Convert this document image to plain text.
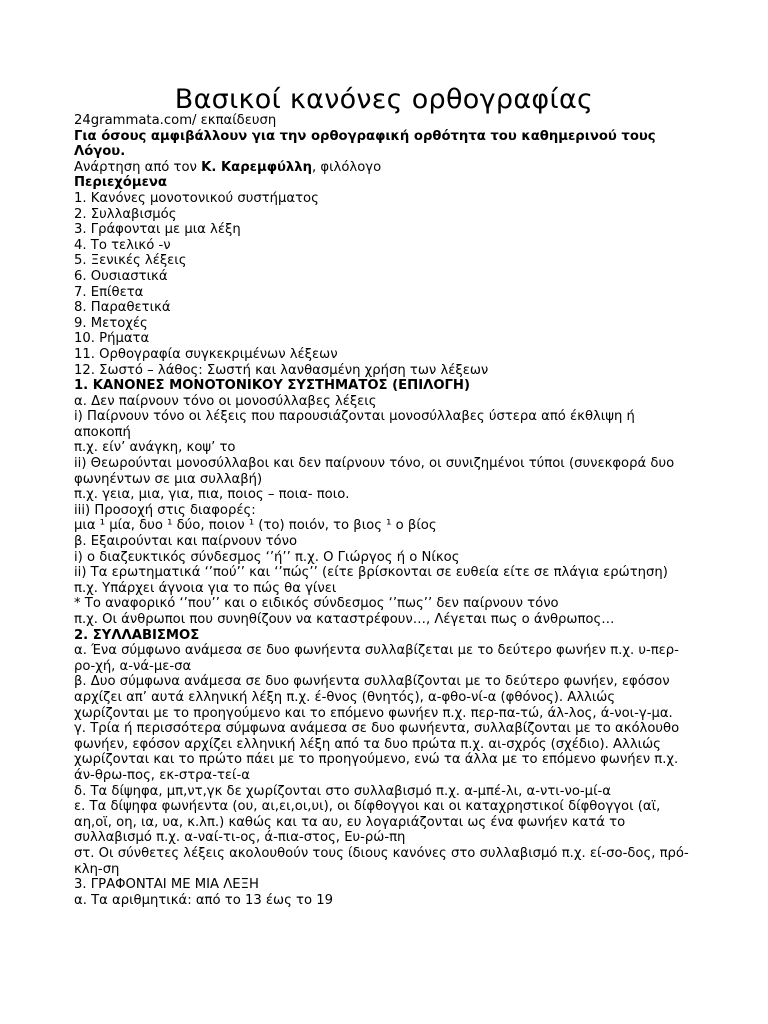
Βασικοί κανόνες ορθογραφίας

24grammata.com/ εκπαίδευση

Για όσους αμφιβάλλουν για την ορθογραφική ορθότητα του καθημερινού τους Λόγου.

Ανάρτηση από τον Κ. Καρεμφύλλη, φιλόλογο

Περιεχόμενα

1. Κανόνες μονοτονικού συστήματος

2. Συλλαβισμός

3. Γράφονται με μια λέξη

4. Το τελικό -ν

5. Ξενικές λέξεις

6. Ουσιαστικά

7. Επίθετα

8. Παραθετικά

9. Μετοχές

10. Ρήματα

11. Ορθογραφία συγκεκριμένων λέξεων

12. Σωστό – λάθος: Σωστή και λανθασμένη χρήση των λέξεων

1. ΚΑΝΟΝΕΣ ΜΟΝΟΤΟΝΙΚΟΥ ΣΥΣΤΗΜΑΤΟΣ (ΕΠΙΛΟΓΗ)

α. Δεν παίρνουν τόνο οι μονοσύλλαβες λέξεις

i) Παίρνουν τόνο οι λέξεις που παρουσιάζονται μονοσύλλαβες ύστερα από έκθλιψη ή αποκοπή

π.χ. είν’ ανάγκη, κοψ’ το

ii) Θεωρούνται μονοσύλλαβοι και δεν παίρνουν τόνο, οι συνιζημένοι τύποι (συνεκφορά δυο φωνηέντων σε μια συλλαβή)

π.χ. γεια, μια, για, πια, ποιος – ποια- ποιο.

iii) Προσοχή στις διαφορές:

μια ¹ μία, δυο ¹ δύο, ποιον ¹ (το) ποιόν, το βιος ¹ ο βίος

β. Εξαιρούνται και παίρνουν τόνο

i) ο διαζευκτικός σύνδεσμος ‘’ή’’ π.χ. Ο Γιώργος ή ο Νίκος

ii) Τα ερωτηματικά ‘’πού’’ και ‘’πώς’’ (είτε βρίσκονται σε ευθεία είτε σε πλάγια ερώτηση) π.χ. Υπάρχει άγνοια για το πώς θα γίνει

* Το αναφορικό ‘’που’’ και ο ειδικός σύνδεσμος ‘’πως’’ δεν παίρνουν τόνο

π.χ. Οι άνθρωποι που συνηθίζουν να καταστρέφουν…, Λέγεται πως ο άνθρωπος…

2. ΣΥΛΛΑΒΙΣΜΟΣ

α. Ένα σύμφωνο ανάμεσα σε δυο φωνήεντα συλλαβίζεται με το δεύτερο φωνήεν π.χ. υ-περ-ρο-χή, α-νά-με-σα

β. Δυο σύμφωνα ανάμεσα σε δυο φωνήεντα συλλαβίζονται με το δεύτερο φωνήεν, εφόσον αρχίζει απ’ αυτά ελληνική λέξη π.χ. έ-θνος (θνητός), α-φθο-νί-α (φθόνος). Αλλιώς χωρίζονται με το προηγούμενο και το επόμενο φωνήεν π.χ. περ-πα-τώ, άλ-λος, ά-νοι-γ-μα.

γ. Τρία ή περισσότερα σύμφωνα ανάμεσα σε δυο φωνήεντα, συλλαβίζονται με το ακόλουθο φωνήεν, εφόσον αρχίζει ελληνική λέξη από τα δυο πρώτα π.χ. αι-σχρός (σχέδιο). Αλλιώς χωρίζονται και το πρώτο πάει με το προηγούμενο, ενώ τα άλλα με το επόμενο φωνήεν π.χ. άν-θρω-πος, εκ-στρα-τεί-α

δ. Τα δίψηφα, μπ,ντ,γκ δε χωρίζονται στο συλλαβισμό π.χ. α-μπέ-λι, α-ντι-νο-μί-α

ε. Τα δίψηφα φωνήεντα (ου, αι,ει,οι,υι), οι δίφθογγοι και οι καταχρηστικοί δίφθογγοι (αϊ, αη,οϊ, οη, ια, υα, κ.λπ.) καθώς και τα αυ, ευ λογαριάζονται ως ένα φωνήεν κατά το συλλαβισμό π.χ. α-ναί-τι-ος, ά-πια-στος, Ευ-ρώ-πη

στ. Οι σύνθετες λέξεις ακολουθούν τους ίδιους κανόνες στο συλλαβισμό π.χ. εί-σο-δος, πρό-κλη-ση

3. ΓΡΑΦΟΝΤΑΙ ΜΕ ΜΙΑ ΛΕΞΗ

α. Τα αριθμητικά: από το 13 έως το 19
